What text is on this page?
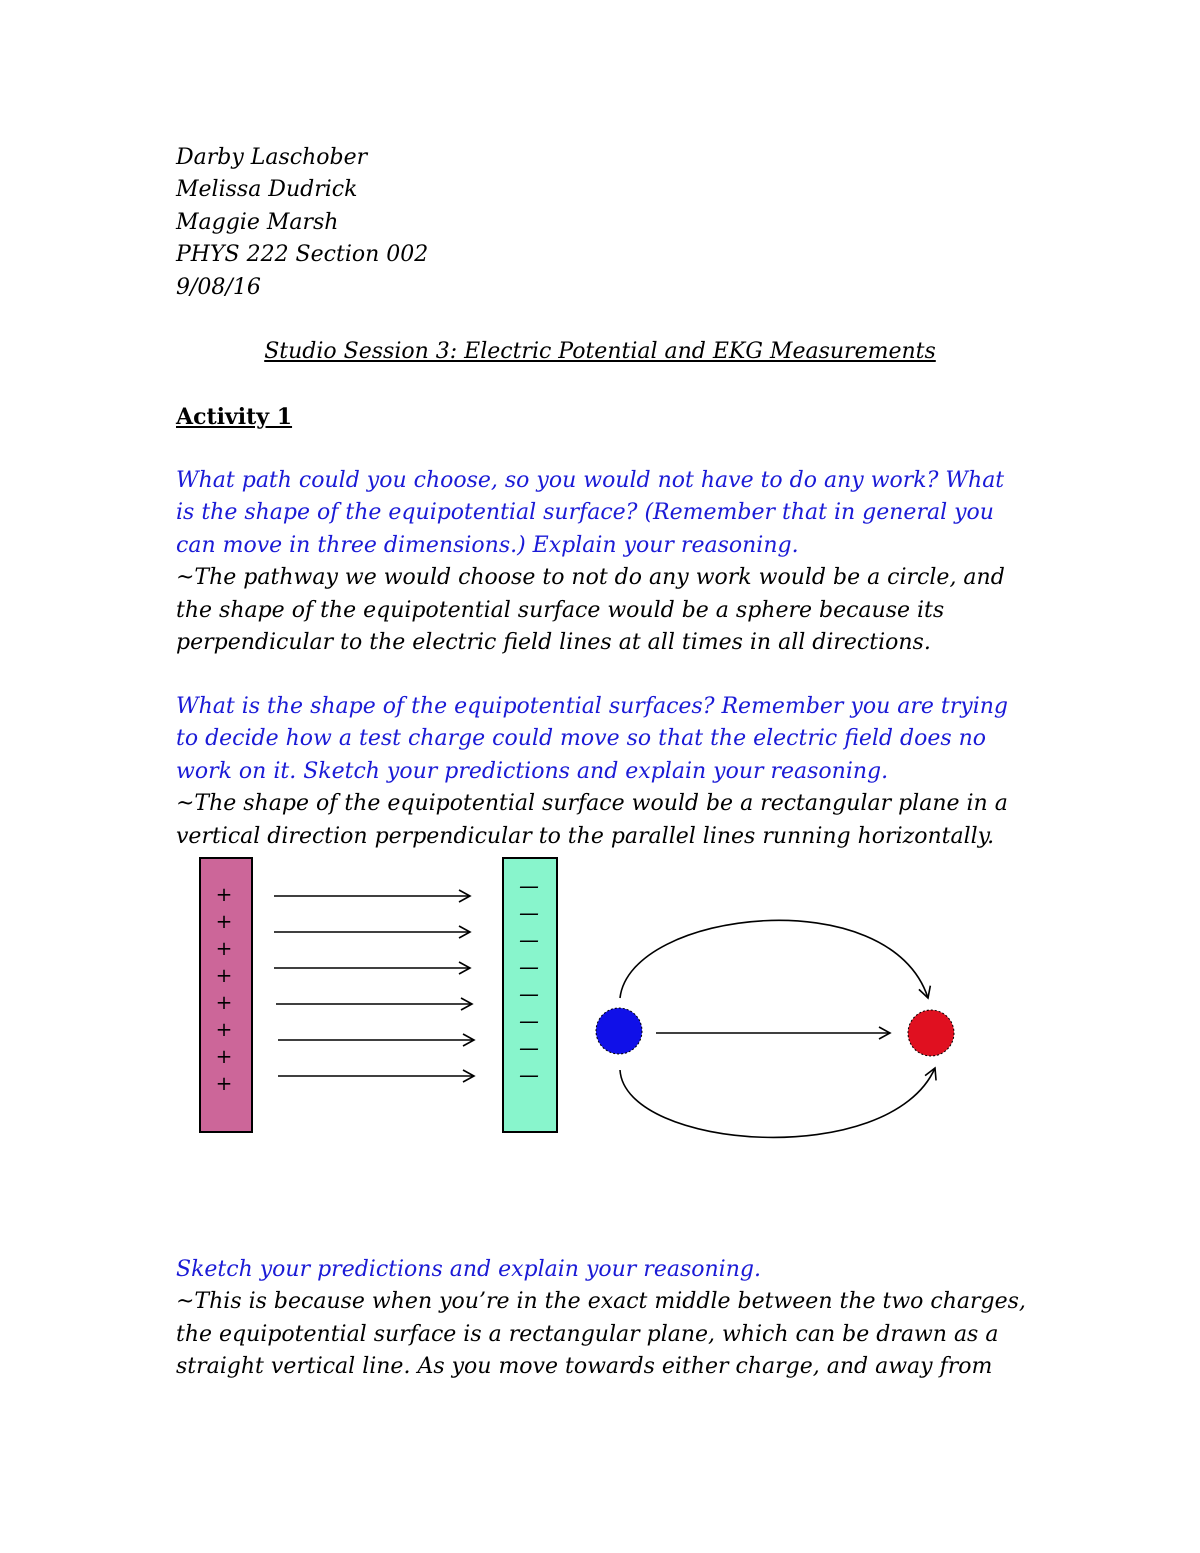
Darby Laschober
Melissa Dudrick
Maggie Marsh
PHYS 222 Section 002
9/08/16
Studio Session 3: Electric Potential and EKG Measurements
Activity 1
What path could you choose, so you would not have to do any work? What
is the shape of the equipotential surface? (Remember that in general you
can move in three dimensions.) Explain your reasoning.
~The pathway we would choose to not do any work would be a circle, and
the shape of the equipotential surface would be a sphere because its
perpendicular to the electric field lines at all times in all directions.
What is the shape of the equipotential surfaces? Remember you are trying
to decide how a test charge could move so that the electric field does no
work on it. Sketch your predictions and explain your reasoning.
~The shape of the equipotential surface would be a rectangular plane in a
vertical direction perpendicular to the parallel lines running horizontally.
+
+
+
+
+
+
+
+
—
—
—
—
—
—
—
—
Sketch your predictions and explain your reasoning.
~This is because when you’re in the exact middle between the two charges,
the equipotential surface is a rectangular plane, which can be drawn as a
straight vertical line. As you move towards either charge, and away from
